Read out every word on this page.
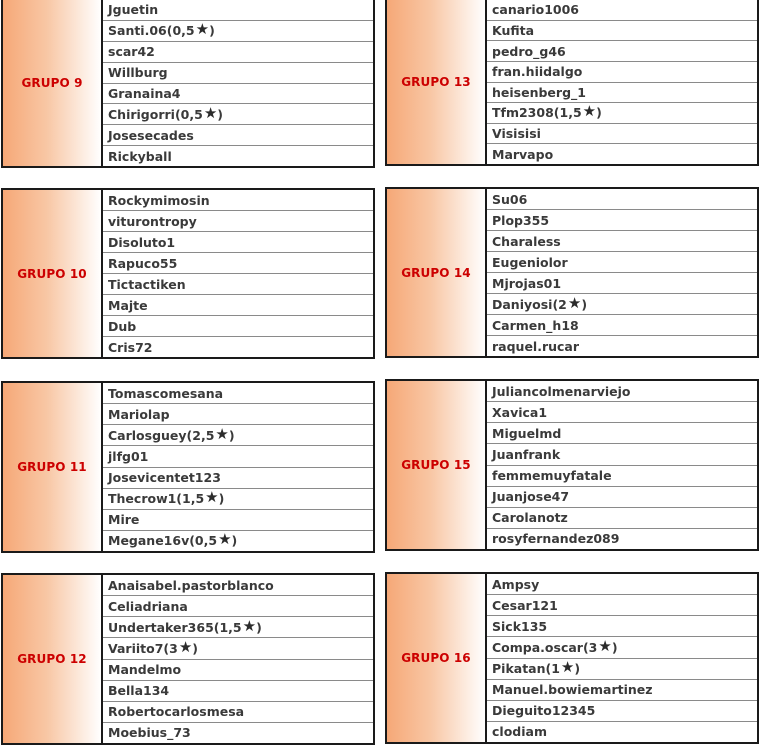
GRUPO 9
Jguetin
Santi.06(0,5 ★ )
scar42
Willburg
Granaina4
Chirigorri(0,5 ★ )
Josesecades
Rickyball
GRUPO 13
canario1006
Kufita
pedro_g46
fran.hiidalgo
heisenberg_1
Tfm2308(1,5 ★ )
Visisisi
Marvapo
GRUPO 10
Rockymimosin
viturontropy
Disoluto1
Rapuco55
Tictactiken
Majte
Dub
Cris72
GRUPO 14
Su06
Plop355
Charaless
Eugeniolor
Mjrojas01
Daniyosi(2 ★ )
Carmen_h18
raquel.rucar
GRUPO 11
Tomascomesana
Mariolap
Carlosguey(2,5 ★ )
jlfg01
Josevicentet123
Thecrow1(1,5 ★ )
Mire
Megane16v(0,5 ★ )
GRUPO 15
Juliancolmenarviejo
Xavica1
Miguelmd
Juanfrank
femmemuyfatale
Juanjose47
Carolanotz
rosyfernandez089
GRUPO 12
Anaisabel.pastorblanco
Celiadriana
Undertaker365(1,5 ★ )
Variito7(3 ★ )
Mandelmo
Bella134
Robertocarlosmesa
Moebius_73
GRUPO 16
Ampsy
Cesar121
Sick135
Compa.oscar(3 ★ )
Pikatan(1 ★ )
Manuel.bowiemartinez
Dieguito12345
clodiam
